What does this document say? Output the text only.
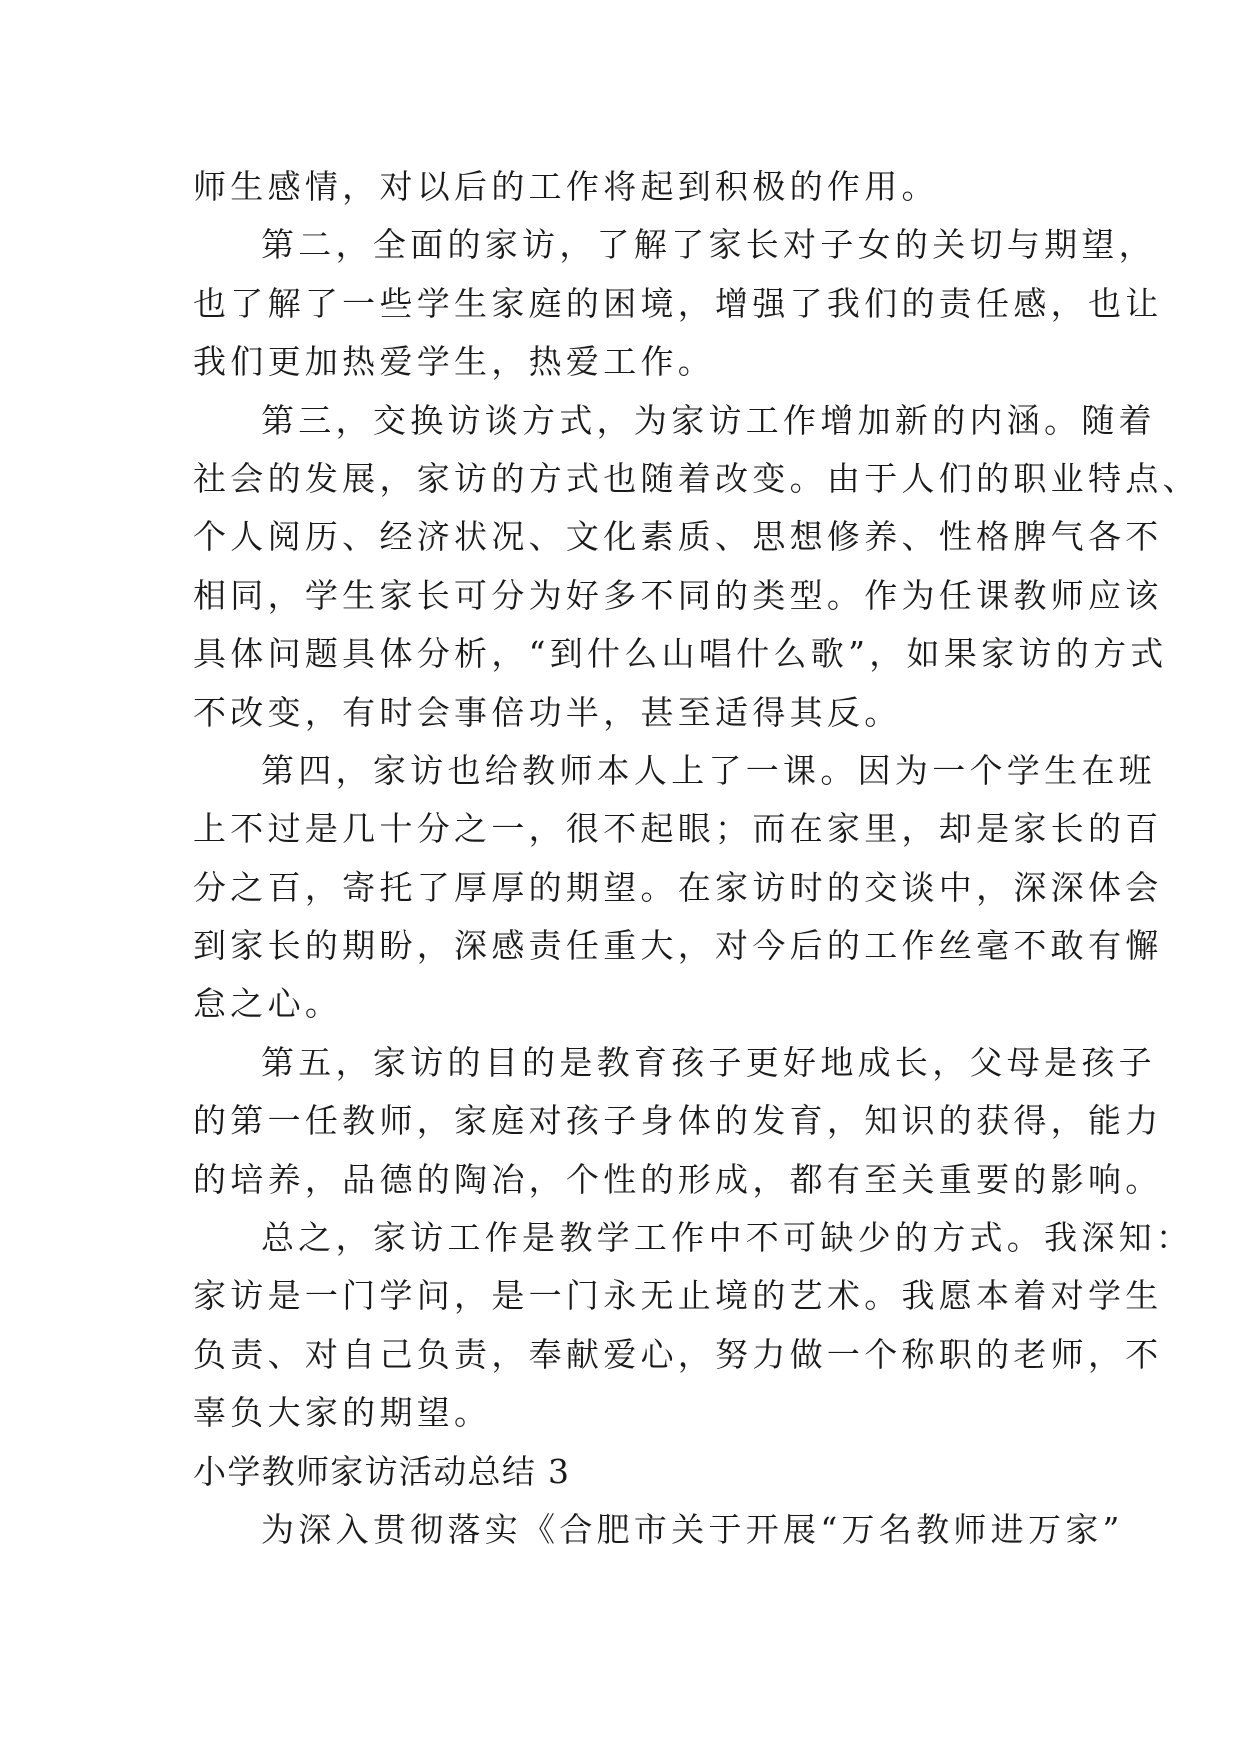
师生感情，对以后的工作将起到积极的作用。
第二，全面的家访，了解了家长对子女的关切与期望，
也了解了一些学生家庭的困境，增强了我们的责任感，也让
我们更加热爱学生，热爱工作。
第三，交换访谈方式，为家访工作增加新的内涵。随着
社会的发展，家访的方式也随着改变。由于人们的职业特点、
个人阅历、经济状况、文化素质、思想修养、性格脾气各不
相同，学生家长可分为好多不同的类型。作为任课教师应该
具体问题具体分析，“到什么山唱什么歌”，如果家访的方式
不改变，有时会事倍功半，甚至适得其反。
第四，家访也给教师本人上了一课。因为一个学生在班
上不过是几十分之一，很不起眼；而在家里，却是家长的百
分之百，寄托了厚厚的期望。在家访时的交谈中，深深体会
到家长的期盼，深感责任重大，对今后的工作丝毫不敢有懈
怠之心。
第五，家访的目的是教育孩子更好地成长，父母是孩子
的第一任教师，家庭对孩子身体的发育，知识的获得，能力
的培养，品德的陶冶，个性的形成，都有至关重要的影响。
总之，家访工作是教学工作中不可缺少的方式。我深知：
家访是一门学问，是一门永无止境的艺术。我愿本着对学生
负责、对自己负责，奉献爱心，努力做一个称职的老师，不
辜负大家的期望。
小学教师家访活动总结 3
为深入贯彻落实《合肥市关于开展“万名教师进万家”
